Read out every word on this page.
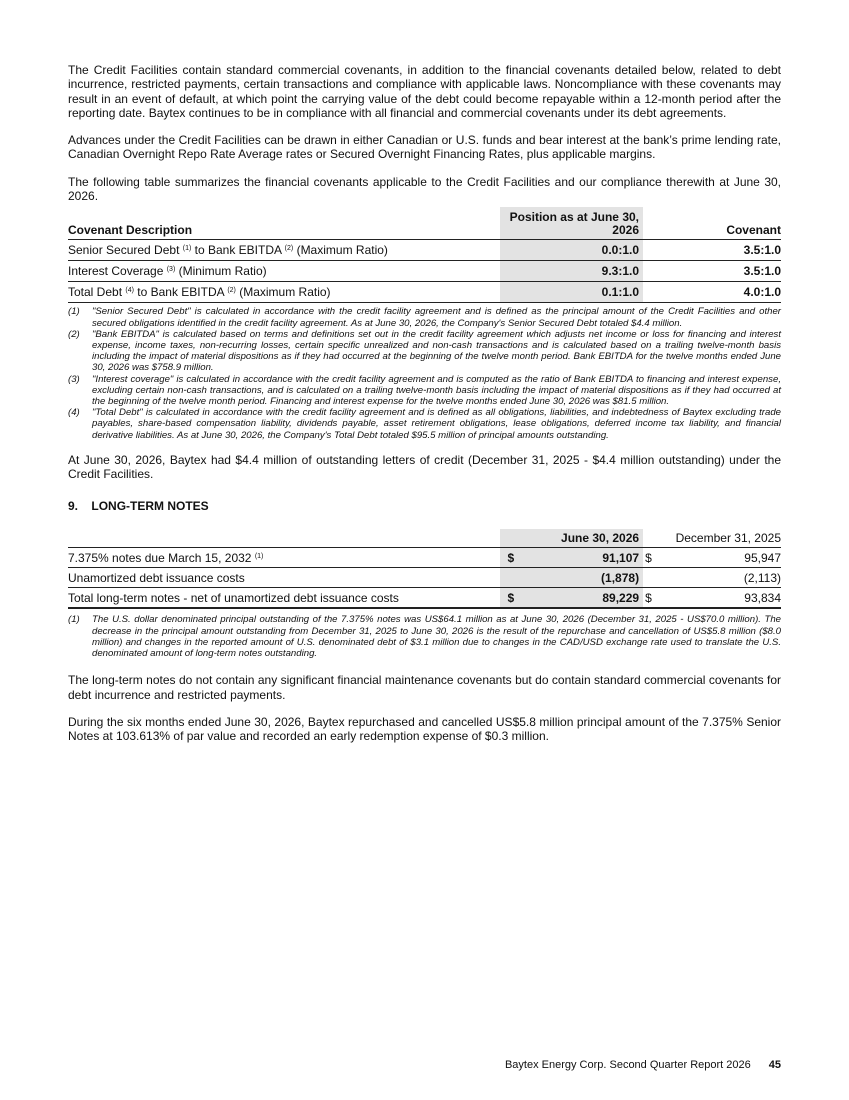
The Credit Facilities contain standard commercial covenants, in addition to the financial covenants detailed below, related to debt incurrence, restricted payments, certain transactions and compliance with applicable laws. Noncompliance with these covenants may result in an event of default, at which point the carrying value of the debt could become repayable within a 12-month period after the reporting date. Baytex continues to be in compliance with all financial and commercial covenants under its debt agreements.

Advances under the Credit Facilities can be drawn in either Canadian or U.S. funds and bear interest at the bank’s prime lending rate, Canadian Overnight Repo Rate Average rates or Secured Overnight Financing Rates, plus applicable margins.

The following table summarizes the financial covenants applicable to the Credit Facilities and our compliance therewith at June 30, 2026.

Covenant Description	Position as at June 30, 2026	Covenant
Senior Secured Debt $^{(1)}$ to Bank EBITDA $^{(2)}$ (Maximum Ratio)	0.0:1.0	3.5:1.0
Interest Coverage $^{(3)}$ (Minimum Ratio)	9.3:1.0	3.5:1.0
Total Debt $^{(4)}$ to Bank EBITDA $^{(2)}$ (Maximum Ratio)	0.1:1.0	4.0:1.0
(1)	"Senior Secured Debt" is calculated in accordance with the credit facility agreement and is defined as the principal amount of the Credit Facilities and other secured obligations identified in the credit facility agreement. As at June 30, 2026, the Company's Senior Secured Debt totaled $4.4 million.
(2)	"Bank EBITDA" is calculated based on terms and definitions set out in the credit facility agreement which adjusts net income or loss for financing and interest expense, income taxes, non-recurring losses, certain specific unrealized and non-cash transactions and is calculated based on a trailing twelve-month basis including the impact of material dispositions as if they had occurred at the beginning of the twelve month period. Bank EBITDA for the twelve months ended June 30, 2026 was $758.9 million.
(3)	"Interest coverage" is calculated in accordance with the credit facility agreement and is computed as the ratio of Bank EBITDA to financing and interest expense, excluding certain non-cash transactions, and is calculated on a trailing twelve-month basis including the impact of material dispositions as if they had occurred at the beginning of the twelve month period. Financing and interest expense for the twelve months ended June 30, 2026 was $81.5 million.
(4)	"Total Debt" is calculated in accordance with the credit facility agreement and is defined as all obligations, liabilities, and indebtedness of Baytex excluding trade payables, share-based compensation liability, dividends payable, asset retirement obligations, lease obligations, deferred income tax liability, and financial derivative liabilities. As at June 30, 2026, the Company's Total Debt totaled $95.5 million of principal amounts outstanding.

At June 30, 2026, Baytex had $4.4 million of outstanding letters of credit (December 31, 2025 - $4.4 million outstanding) under the Credit Facilities.

9. LONG-TERM NOTES

		June 30, 2026		December 31, 2025
7.375% notes due March 15, 2032 $^{(1)}$	$	91,107	$	95,947
Unamortized debt issuance costs		(1,878)		(2,113)
Total long-term notes - net of unamortized debt issuance costs	$	89,229	$	93,834
(1)	The U.S. dollar denominated principal outstanding of the 7.375% notes was US$64.1 million as at June 30, 2026 (December 31, 2025 - US$70.0 million). The decrease in the principal amount outstanding from December 31, 2025 to June 30, 2026 is the result of the repurchase and cancellation of US$5.8 million ($8.0 million) and changes in the reported amount of U.S. denominated debt of $3.1 million due to changes in the CAD/USD exchange rate used to translate the U.S. denominated amount of long-term notes outstanding.

The long-term notes do not contain any significant financial maintenance covenants but do contain standard commercial covenants for debt incurrence and restricted payments.

During the six months ended June 30, 2026, Baytex repurchased and cancelled US$5.8 million principal amount of the 7.375% Senior Notes at 103.613% of par value and recorded an early redemption expense of $0.3 million.

Baytex Energy Corp. Second Quarter Report 2026 45
